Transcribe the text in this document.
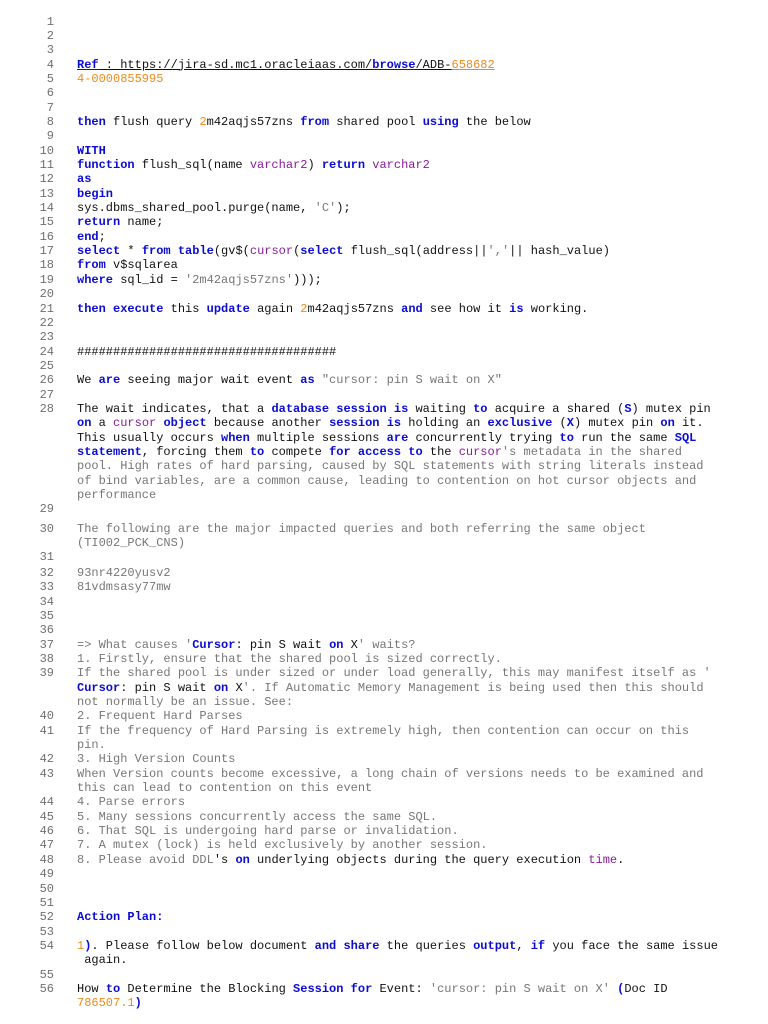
1
2
3
4 Ref : https://jira-sd.mc1.oracleiaas.com/browse/ADB-658682
5 4-0000855995
6
7
8 then flush query 2m42aqjs57zns from shared pool using the below
9
10 WITH
11 function flush_sql(name varchar2) return varchar2
12 as
13 begin
14 sys.dbms_shared_pool.purge(name, 'C');
15 return name;
16 end;
17 select * from table(gv$(cursor(select flush_sql(address||','|| hash_value)
18 from v$sqlarea
19 where sql_id = '2m42aqjs57zns')));
20
21 then execute this update again 2m42aqjs57zns and see how it is working.
22
23
24 ####################################
25
26 We are seeing major wait event as "cursor: pin S wait on X"
27
28 The wait indicates, that a database session is waiting to acquire a shared (S) mutex pin
on a cursor object because another session is holding an exclusive (X) mutex pin on it.
This usually occurs when multiple sessions are concurrently trying to run the same SQL
statement, forcing them to compete for access to the cursor's metadata in the shared
pool. High rates of hard parsing, caused by SQL statements with string literals instead
of bind variables, are a common cause, leading to contention on hot cursor objects and
performance
29
30 The following are the major impacted queries and both referring the same object
(TI002_PCK_CNS)
31
32 93nr4220yusv2
33 81vdmsasy77mw
34
35
36
37 => What causes 'Cursor: pin S wait on X' waits?
38 1. Firstly, ensure that the shared pool is sized correctly.
39 If the shared pool is under sized or under load generally, this may manifest itself as '
Cursor: pin S wait on X'. If Automatic Memory Management is being used then this should
not normally be an issue. See:
40 2. Frequent Hard Parses
41 If the frequency of Hard Parsing is extremely high, then contention can occur on this
pin.
42 3. High Version Counts
43 When Version counts become excessive, a long chain of versions needs to be examined and
this can lead to contention on this event
44 4. Parse errors
45 5. Many sessions concurrently access the same SQL.
46 6. That SQL is undergoing hard parse or invalidation.
47 7. A mutex (lock) is held exclusively by another session.
48 8. Please avoid DDL's on underlying objects during the query execution time.
49
50
51
52 Action Plan:
53
54 1). Please follow below document and share the queries output, if you face the same issue
again.
55
56 How to Determine the Blocking Session for Event: 'cursor: pin S wait on X' (Doc ID
786507.1)
